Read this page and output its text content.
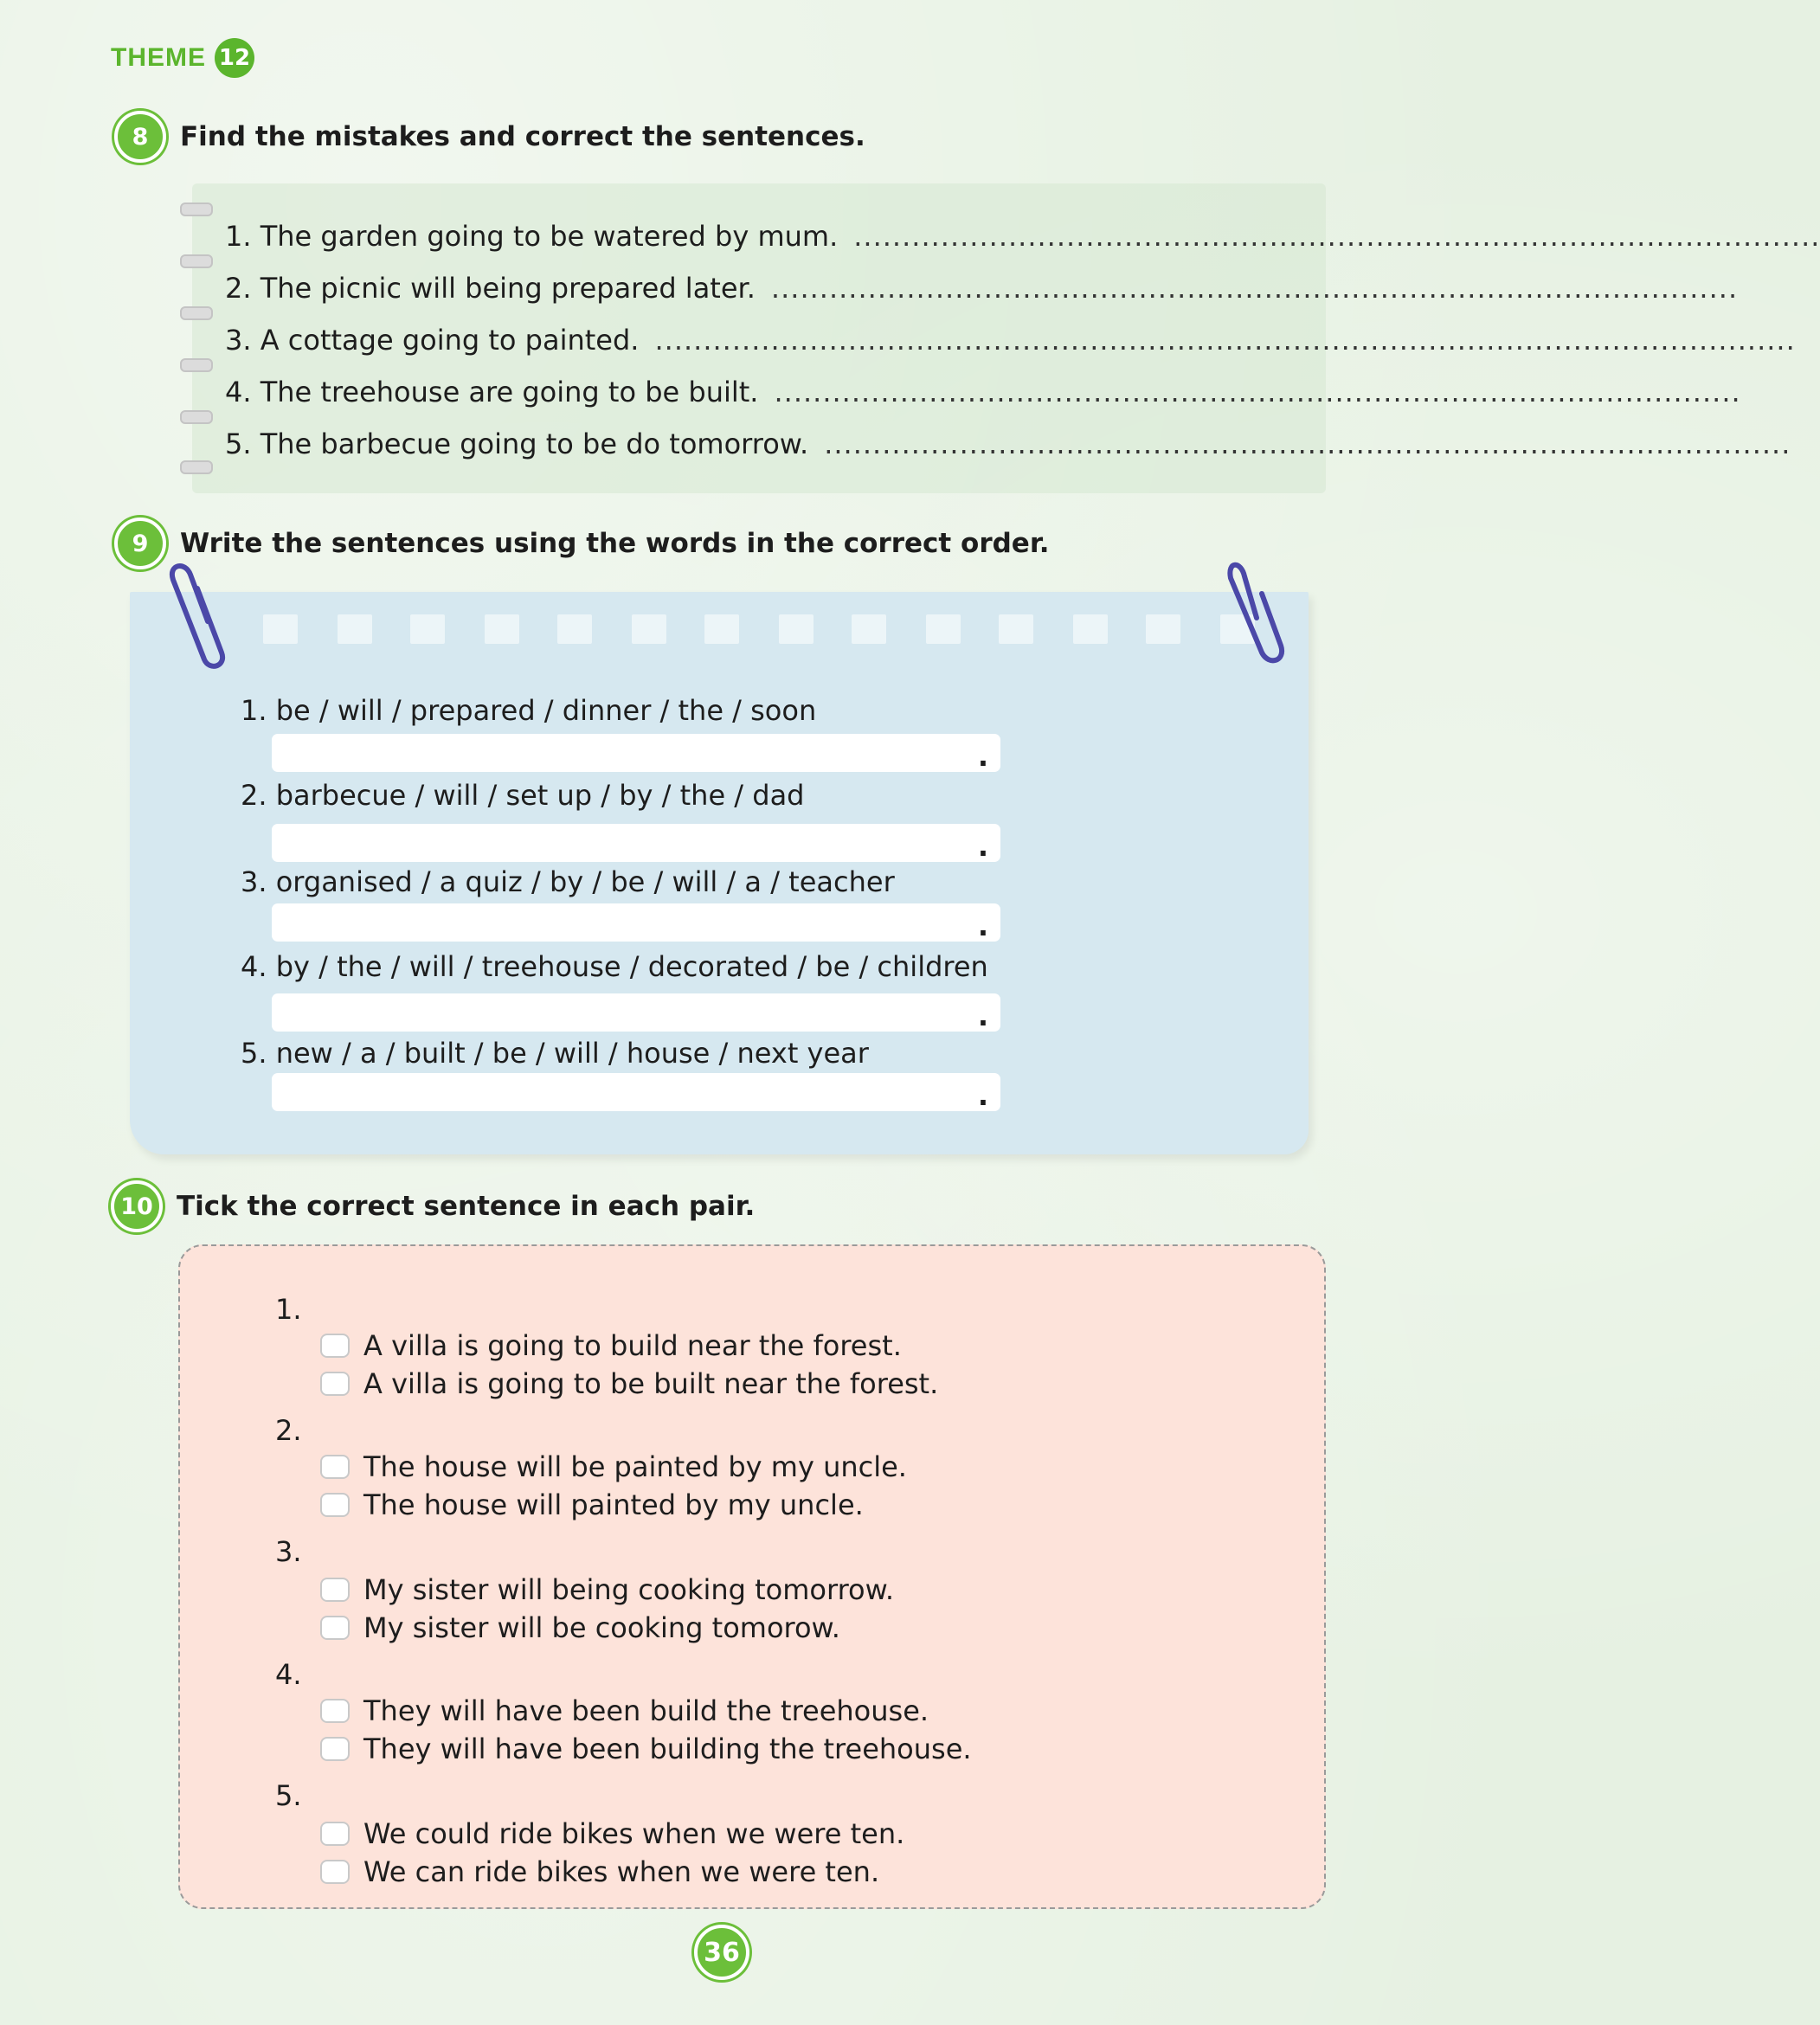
THEME 12
8	Find the mistakes and correct the sentences.
1. The garden going to be watered by mum. ....................................................................................................
2. The picnic will being prepared later. ....................................................................................................
3. A cottage going to painted. ......................................................................................................................
4. The treehouse are going to be built. ....................................................................................................
5. The barbecue going to be do tomorrow. ....................................................................................................
9	Write the sentences using the words in the correct order.
1. be / will / prepared / dinner / the / soon
.
2. barbecue / will / set up / by / the / dad
.
3. organised / a quiz / by / be / will / a / teacher
.
4. by / the / will / treehouse / decorated / be / children
.
5. new / a / built / be / will / house / next year
.
10 Tick the correct sentence in each pair.
1.
A villa is going to build near the forest.
A villa is going to be built near the forest.
2.
The house will be painted by my uncle.
The house will painted by my uncle.
3.
My sister will being cooking tomorrow.
My sister will be cooking tomorow.
4.
They will have been build the treehouse.
They will have been building the treehouse.
5.
We could ride bikes when we were ten.
We can ride bikes when we were ten.
36
